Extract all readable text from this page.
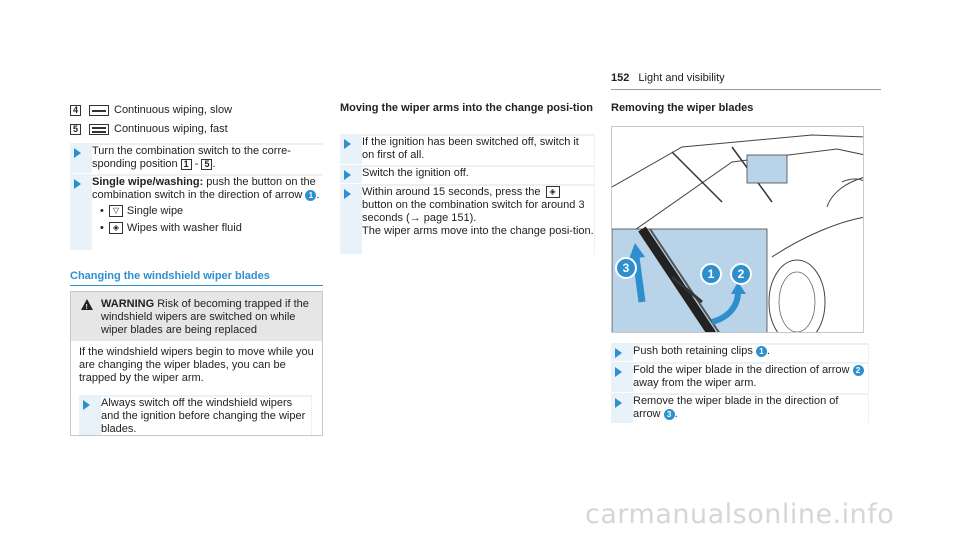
152 Light and visibility
4	Continuous wiping, slow
5	Continuous wiping, fast
Turn the combination switch to the corre-sponding position 1 - 5 .
Single wipe/washing: push the button on the combination switch in the direction of arrow 1 .
• ▽ Single wipe
• ◈ Wipes with washer fluid
Changing the windshield wiper blades
!
WARNING Risk of becoming trapped if the windshield wipers are switched on while wiper blades are being replaced
If the windshield wipers begin to move while you are changing the wiper blades, you can be trapped by the wiper arm.
Always switch off the windshield wipers and the ignition before changing the wiper blades.
Moving the wiper arms into the change posi-tion
If the ignition has been switched off, switch it on first of all.
Switch the ignition off.
Within around 15 seconds, press the ◈ button on the combination switch for around 3 seconds (→ page 151).
The wiper arms move into the change posi-tion.
Removing the wiper blades
3	1	2
Push both retaining clips 1 .
Fold the wiper blade in the direction of arrow 2 away from the wiper arm.
Remove the wiper blade in the direction of arrow 3 .
carmanualsonline.info
